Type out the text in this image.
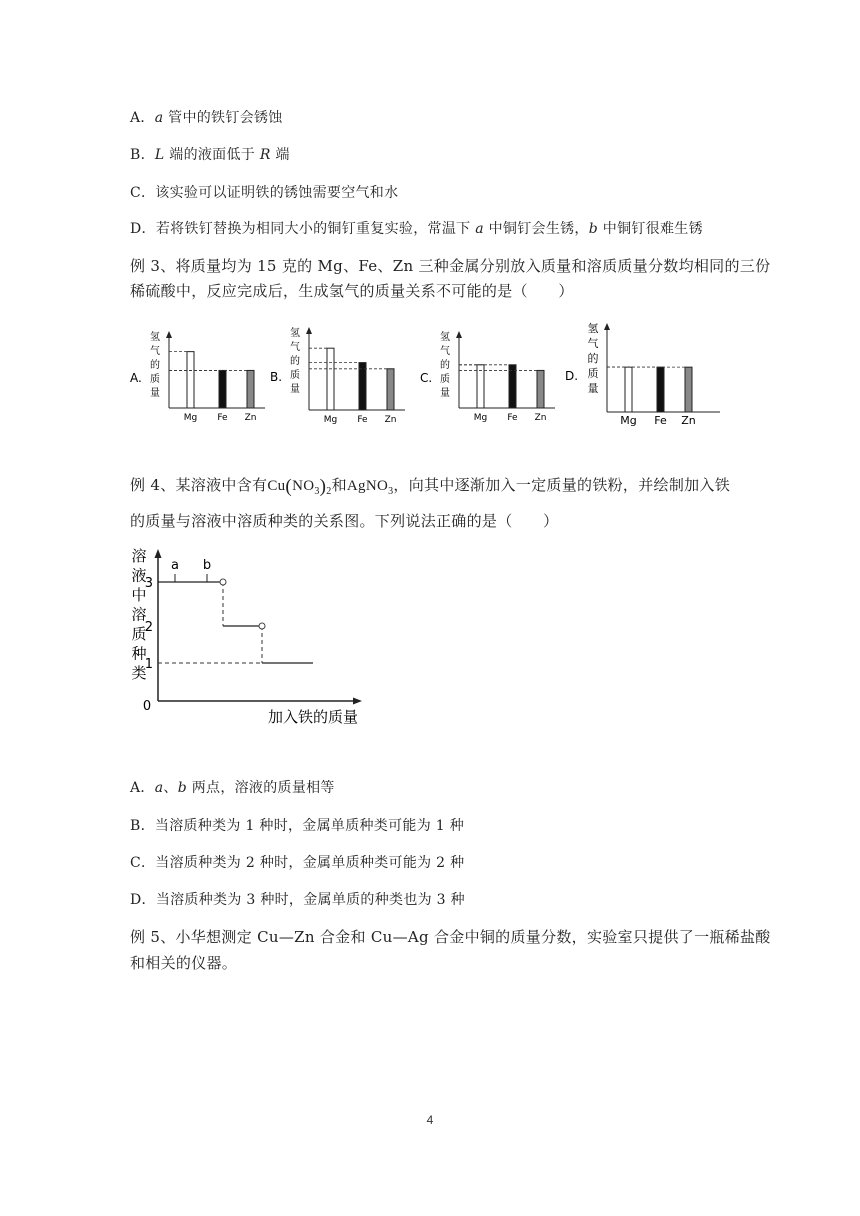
A．a 管中的铁钉会锈蚀
B．L 端的液面低于 R 端
C．该实验可以证明铁的锈蚀需要空气和水
D．若将铁钉替换为相同大小的铜钉重复实验，常温下 a 中铜钉会生锈，b 中铜钉很难生锈
例 3、将质量均为 15 克的 Mg、Fe、Zn 三种金属分别放入质量和溶质质量分数均相同的三份
稀硫酸中，反应完成后，生成氢气的质量关系不可能的是（　　）
A.
氢
气
的
质
量
Mg Fe Zn
B.
氢
气
的
质
量
Mg Fe Zn
C.
氢
气
的
质
量
Mg Fe Zn
D.
氢
气
的
质
量
Mg Fe Zn
例 4、某溶液中含有$Cu(NO_3)_2$和AgNO$_3$，向其中逐渐加入一定质量的铁粉，并绘制加入铁
的质量与溶液中溶质种类的关系图。下列说法正确的是（　　）
溶
液
中
溶
质
种
类
0
加入铁的质量
3
2
1
a b
A．a、b 两点，溶液的质量相等
B．当溶质种类为 1 种时，金属单质种类可能为 1 种
C．当溶质种类为 2 种时，金属单质种类可能为 2 种
D．当溶质种类为 3 种时，金属单质的种类也为 3 种
例 5、小华想测定 Cu—Zn 合金和 Cu—Ag 合金中铜的质量分数，实验室只提供了一瓶稀盐酸
和相关的仪器。
4
